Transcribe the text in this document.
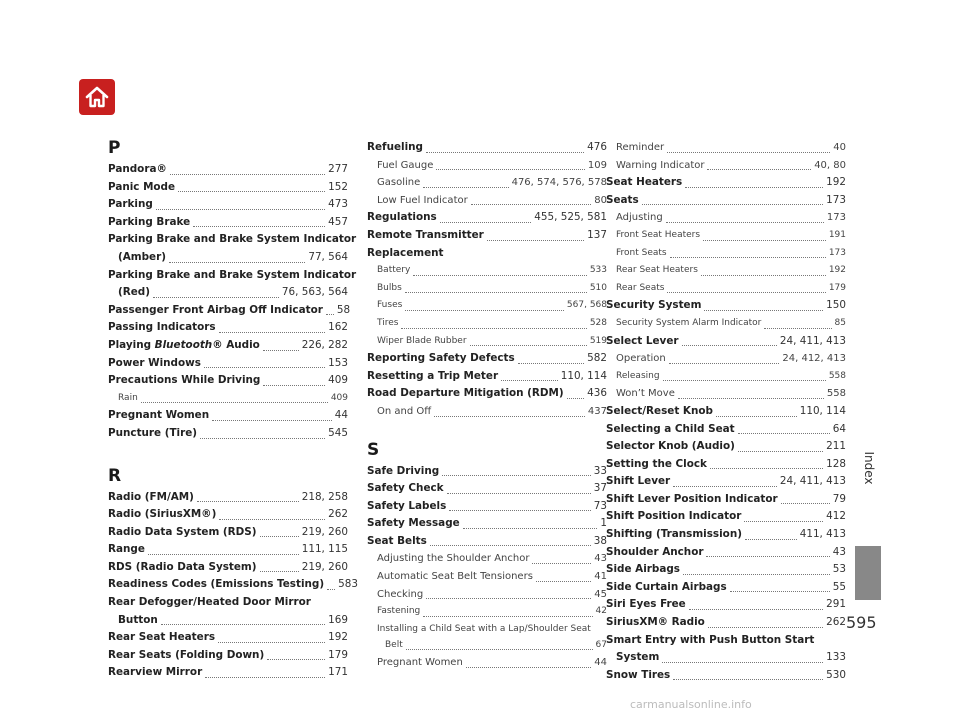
Index
595
P
Pandora®	277
Panic Mode	152
Parking	473
Parking Brake	457
Parking Brake and Brake System Indicator
(Amber)	77, 564
Parking Brake and Brake System Indicator
(Red)	76, 563, 564
Passenger Front Airbag Off Indicator 58
Passing Indicators	162
Playing Bluetooth® Audio	226, 282
Power Windows	153
Precautions While Driving	409
Rain	409
Pregnant Women	44
Puncture (Tire)	545
R
Radio (FM/AM)	218, 258
Radio (SiriusXM®)	262
Radio Data System (RDS)	219, 260
Range	111, 115
RDS (Radio Data System)	219, 260
Readiness Codes (Emissions Testing) 583
Rear Defogger/Heated Door Mirror
Button	169
Rear Seat Heaters	192
Rear Seats (Folding Down)	179
Rearview Mirror	171
Refueling	476
Fuel Gauge	109
Gasoline	476, 574, 576, 578
Low Fuel Indicator	80
Regulations	455, 525, 581
Remote Transmitter	137
Replacement
Battery	533
Bulbs	510
Fuses	567, 568
Tires	528
Wiper Blade Rubber	519
Reporting Safety Defects	582
Resetting a Trip Meter	110, 114
Road Departure Mitigation (RDM) 436
On and Off	437
S
Safe Driving	33
Safety Check	37
Safety Labels	73
Safety Message	1
Seat Belts	38
Adjusting the Shoulder Anchor	43
Automatic Seat Belt Tensioners	41
Checking	45
Fastening	42
Installing a Child Seat with a Lap/Shoulder Seat
Belt	67
Pregnant Women	44
Reminder	40
Warning Indicator	40, 80
Seat Heaters	192
Seats	173
Adjusting	173
Front Seat Heaters	191
Front Seats	173
Rear Seat Heaters	192
Rear Seats	179
Security System	150
Security System Alarm Indicator	85
Select Lever	24, 411, 413
Operation	24, 412, 413
Releasing	558
Won’t Move	558
Select/Reset Knob	110, 114
Selecting a Child Seat	64
Selector Knob (Audio)	211
Setting the Clock	128
Shift Lever	24, 411, 413
Shift Lever Position Indicator	79
Shift Position Indicator	412
Shifting (Transmission)	411, 413
Shoulder Anchor	43
Side Airbags	53
Side Curtain Airbags	55
Siri Eyes Free	291
SiriusXM® Radio	262
Smart Entry with Push Button Start
System	133
Snow Tires	530
carmanualsonline.info
